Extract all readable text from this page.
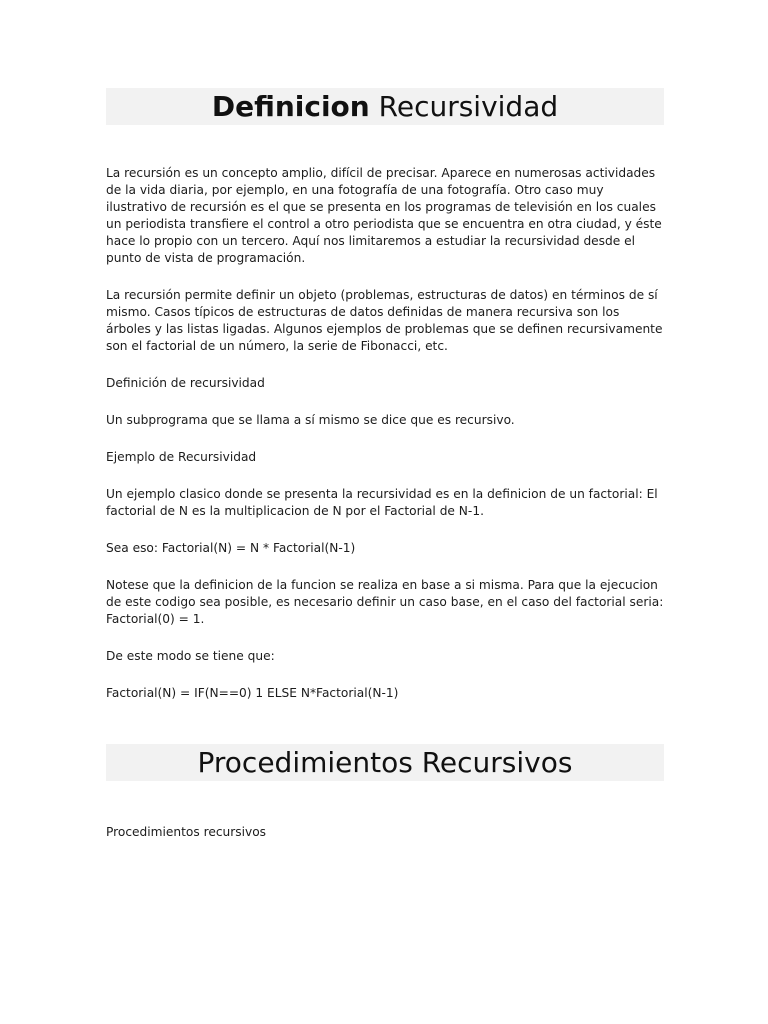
Definicion Recursividad

La recursión es un concepto amplio, difícil de precisar. Aparece en numerosas actividades de la vida diaria, por ejemplo, en una fotografía de una fotografía. Otro caso muy ilustrativo de recursión es el que se presenta en los programas de televisión en los cuales un periodista transfiere el control a otro periodista que se encuentra en otra ciudad, y éste hace lo propio con un tercero. Aquí nos limitaremos a estudiar la recursividad desde el punto de vista de programación.

La recursión permite definir un objeto (problemas, estructuras de datos) en términos de sí mismo. Casos típicos de estructuras de datos definidas de manera recursiva son los árboles y las listas ligadas. Algunos ejemplos de problemas que se definen recursivamente son el factorial de un número, la serie de Fibonacci, etc.

Definición de recursividad

Un subprograma que se llama a sí mismo se dice que es recursivo.

Ejemplo de Recursividad

Un ejemplo clasico donde se presenta la recursividad es en la definicion de un factorial: El factorial de N es la multiplicacion de N por el Factorial de N-1.

Sea eso: Factorial(N) = N * Factorial(N-1)

Notese que la definicion de la funcion se realiza en base a si misma. Para que la ejecucion de este codigo sea posible, es necesario definir un caso base, en el caso del factorial seria: Factorial(0) = 1.

De este modo se tiene que:

Factorial(N) = IF(N==0) 1 ELSE N*Factorial(N-1)

Procedimientos Recursivos

Procedimientos recursivos
